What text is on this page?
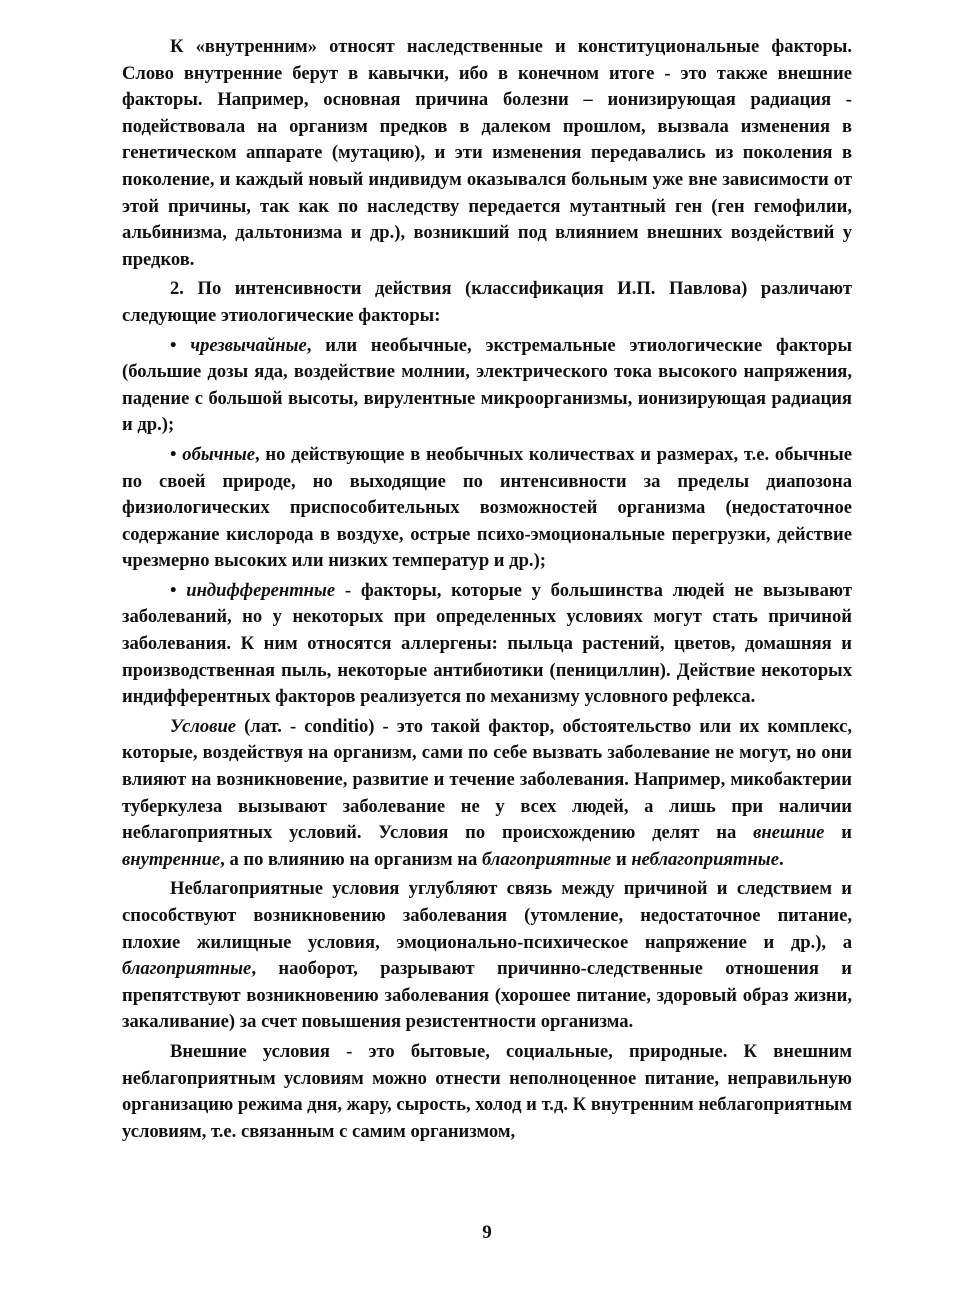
К «внутренним» относят наследственные и конституциональные факторы. Слово внутренние берут в кавычки, ибо в конечном итоге - это также внешние факторы. Например, основная причина болезни – ионизирующая радиация - подействовала на организм предков в далеком прошлом, вызвала изменения в генетическом аппарате (мутацию), и эти изменения передавались из поколения в поколение, и каждый новый индивидум оказывался больным уже вне зависимости от этой причины, так как по наследству передается мутантный ген (ген гемофилии, альбинизма, дальтонизма и др.), возникший под влиянием внешних воздействий у предков.

2. По интенсивности действия (классификация И.П. Павлова) различают следующие этиологические факторы:

• чрезвычайные, или необычные, экстремальные этиологические факторы (большие дозы яда, воздействие молнии, электрического тока высокого напряжения, падение с большой высоты, вирулентные микроорганизмы, ионизирующая радиация и др.);

• обычные, но действующие в необычных количествах и размерах, т.е. обычные по своей природе, но выходящие по интенсивности за пределы диапозона физиологических приспособительных возможностей организма (недостаточное содержание кислорода в воздухе, острые психо-эмоциональные перегрузки, действие чрезмерно высоких или низких температур и др.);

• индифферентные - факторы, которые у большинства людей не вызывают заболеваний, но у некоторых при определенных условиях могут стать причиной заболевания. К ним относятся аллергены: пыльца растений, цветов, домашняя и производственная пыль, некоторые антибиотики (пенициллин). Действие некоторых индифферентных факторов реализуется по механизму условного рефлекса.

Условие (лат. - conditio) - это такой фактор, обстоятельство или их комплекс, которые, воздействуя на организм, сами по себе вызвать заболевание не могут, но они влияют на возникновение, развитие и течение заболевания. Например, микобактерии туберкулеза вызывают заболевание не у всех людей, а лишь при наличии неблагоприятных условий. Условия по происхождению делят на внешние и внутренние, а по влиянию на организм на благоприятные и неблагоприятные.

Неблагоприятные условия углубляют связь между причиной и следствием и способствуют возникновению заболевания (утомление, недостаточное питание, плохие жилищные условия, эмоционально-психическое напряжение и др.), а благоприятные, наоборот, разрывают причинно-следственные отношения и препятствуют возникновению заболевания (хорошее питание, здоровый образ жизни, закаливание) за счет повышения резистентности организма.

Внешние условия - это бытовые, социальные, природные. К внешним неблагоприятным условиям можно отнести неполноценное питание, неправильную организацию режима дня, жару, сырость, холод и т.д. К внутренним неблагоприятным условиям, т.е. связанным с самим организмом,

9
